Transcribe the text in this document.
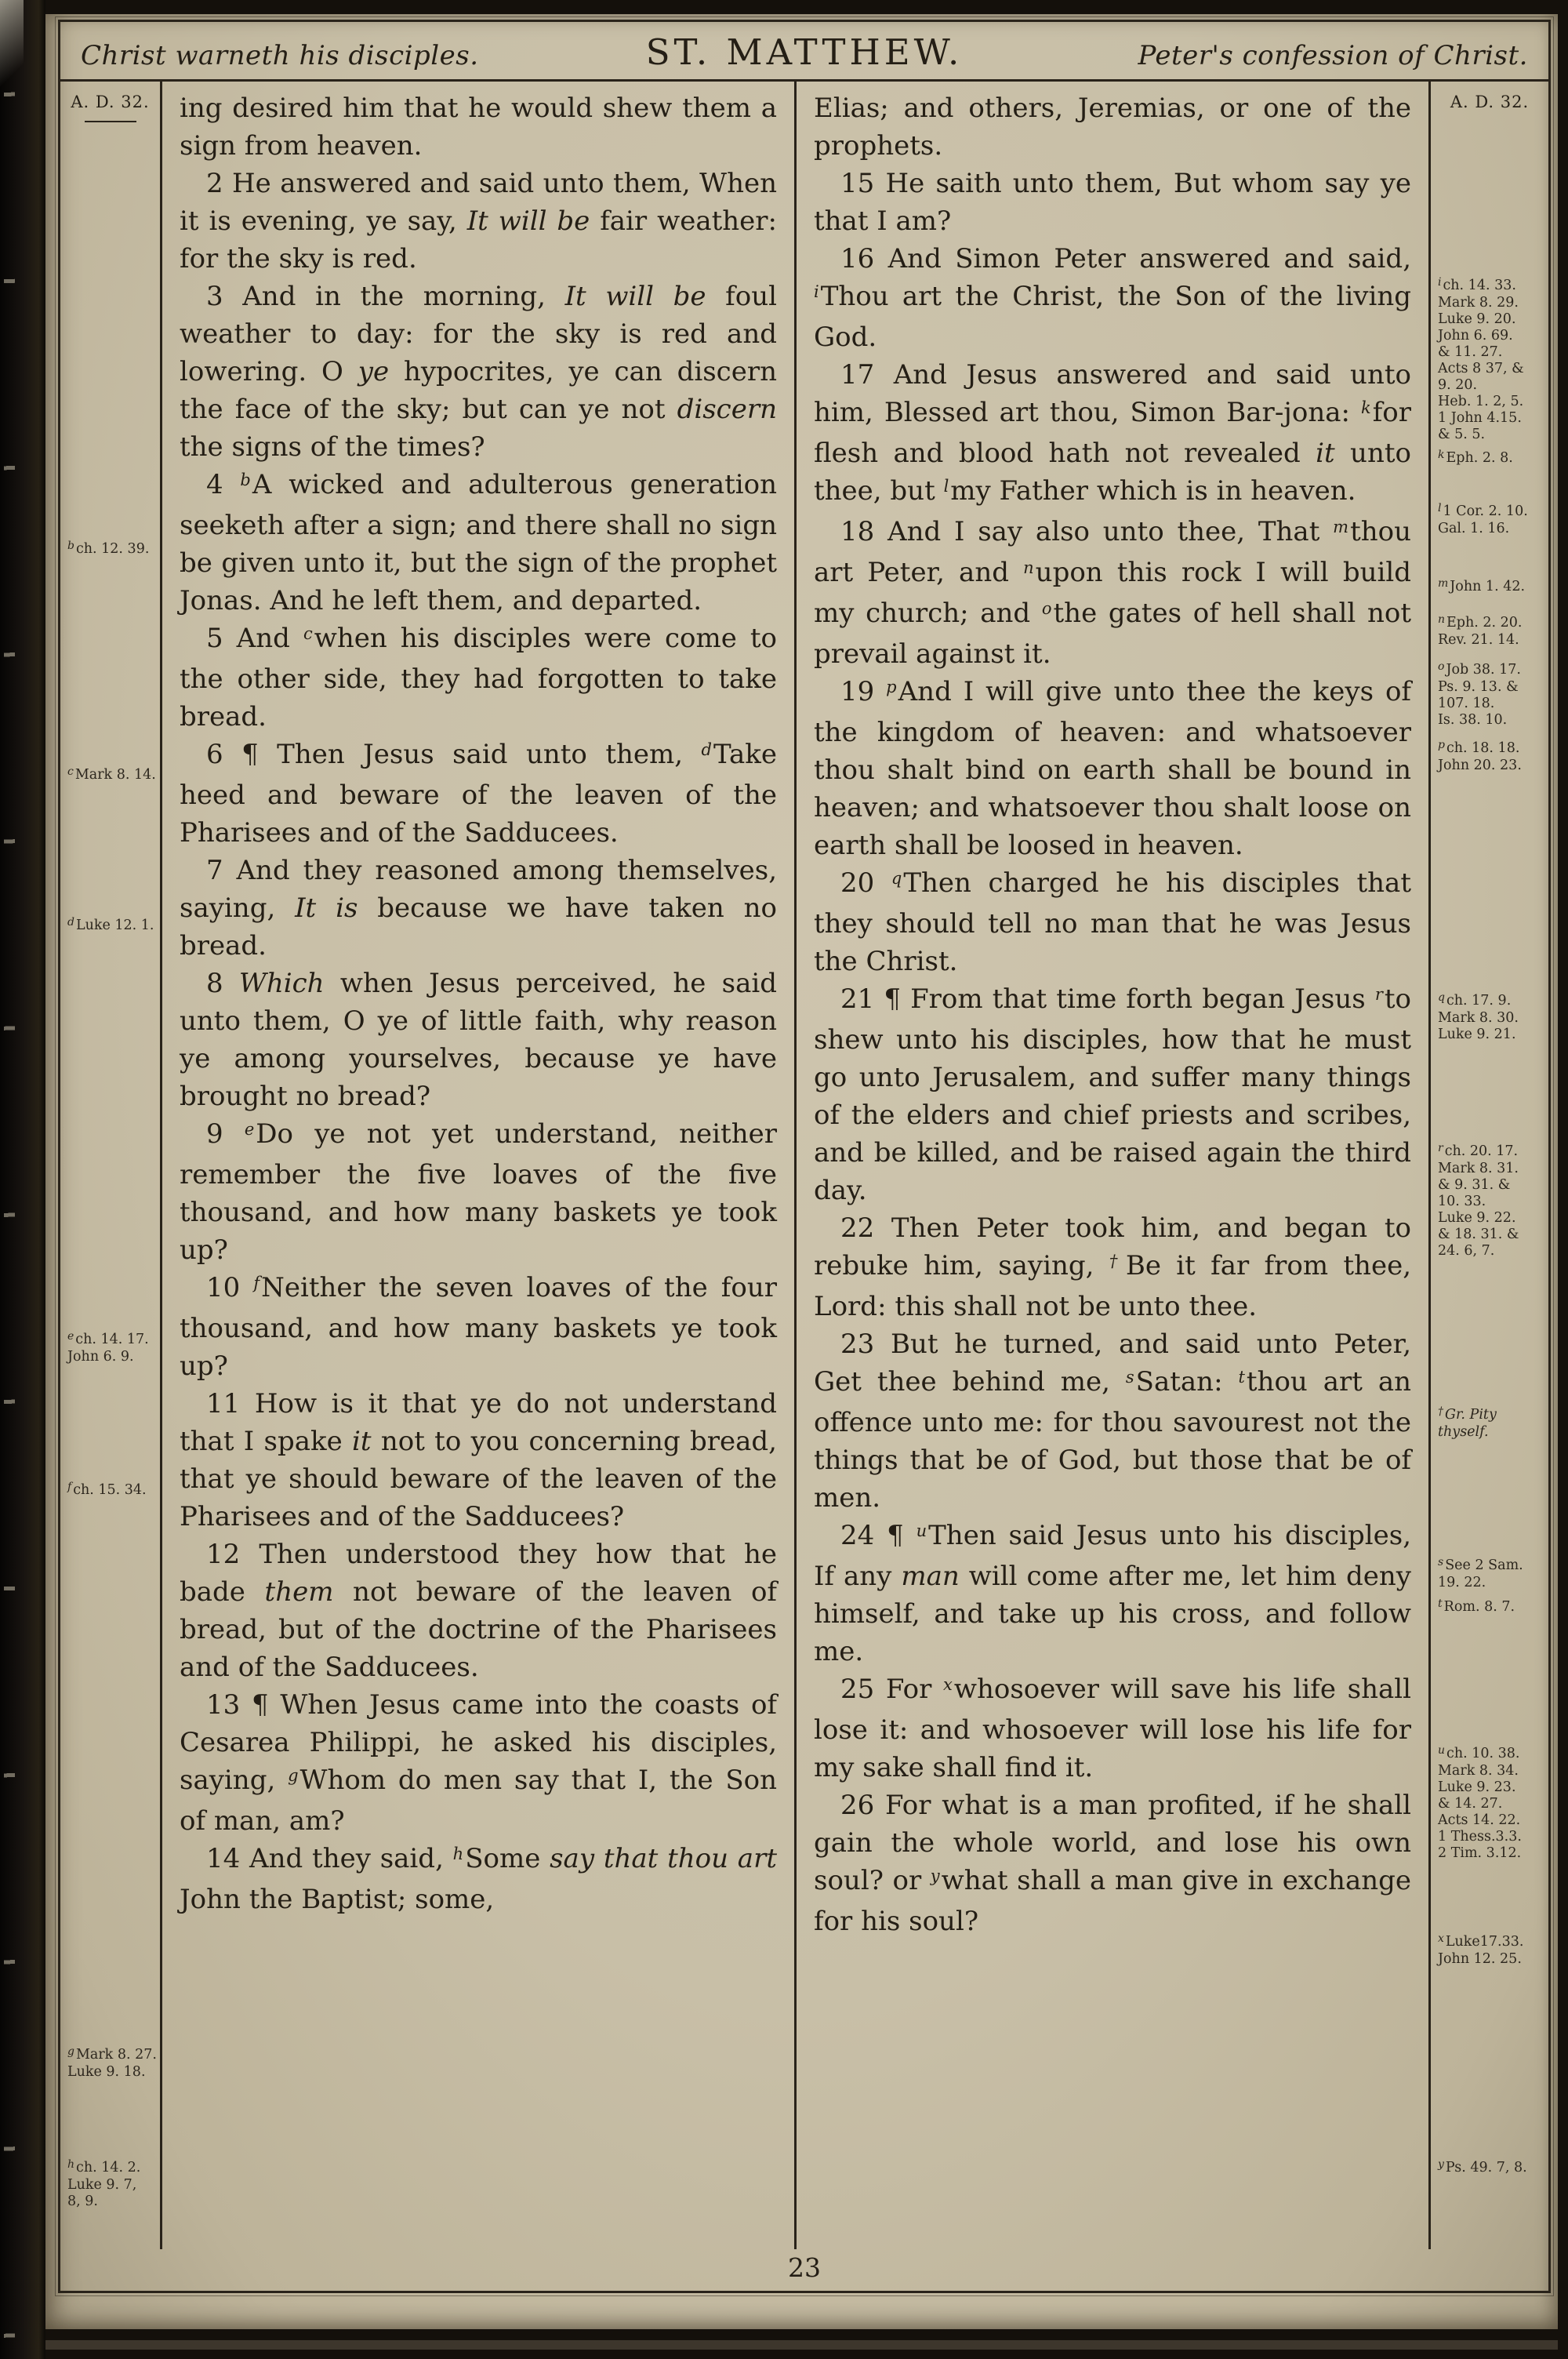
Christ warneth his disciples.	ST. MATTHEW.	Peter's confession of Christ.
A. D. 32.
$^b$ ch. 12. 39.
$^c$ Mark 8. 14.
$^d$ Luke 12. 1.
$^e$ ch. 14. 17.
John 6. 9.
$^f$ ch. 15. 34.
$^g$ Mark 8. 27.
Luke 9. 18.
$^h$ ch. 14. 2.
Luke 9. 7,
8, 9.

ing desired him that he would shew them a sign from heaven.

2 He answered and said unto them, When it is evening, ye say, It will be fair weather: for the sky is red.

3 And in the morning, It will be foul weather to day: for the sky is red and lowering. O ye hypocrites, ye can discern the face of the sky; but can ye not discern the signs of the times?

4 $^b$A wicked and adulterous generation seeketh after a sign; and there shall no sign be given unto it, but the sign of the prophet Jonas. And he left them, and departed.

5 And $^c$when his disciples were come to the other side, they had forgotten to take bread.

6 ¶ Then Jesus said unto them, $^d$Take heed and beware of the leaven of the Pharisees and of the Sadducees.

7 And they reasoned among themselves, saying, It is because we have taken no bread.

8 Which when Jesus perceived, he said unto them, O ye of little faith, why reason ye among yourselves, because ye have brought no bread?

9 $^e$Do ye not yet understand, neither remember the five loaves of the five thousand, and how many baskets ye took up?

10 $^f$Neither the seven loaves of the four thousand, and how many baskets ye took up?

11 How is it that ye do not understand that I spake it not to you concerning bread, that ye should beware of the leaven of the Pharisees and of the Sadducees?

12 Then understood they how that he bade them not beware of the leaven of bread, but of the doctrine of the Pharisees and of the Sadducees.

13 ¶ When Jesus came into the coasts of Cesarea Philippi, he asked his disciples, saying, $^g$Whom do men say that I, the Son of man, am?

14 And they said, $^h$Some say that thou art John the Baptist; some,

Elias; and others, Jeremias, or one of the prophets.

15 He saith unto them, But whom say ye that I am?

16 And Simon Peter answered and said, $^i$Thou art the Christ, the Son of the living God.

17 And Jesus answered and said unto him, Blessed art thou, Simon Bar-jona: $^k$for flesh and blood hath not revealed it unto thee, but $^l$my Father which is in heaven.

18 And I say also unto thee, That $^m$thou art Peter, and $^n$upon this rock I will build my church; and $^o$the gates of hell shall not prevail against it.

19 $^p$And I will give unto thee the keys of the kingdom of heaven: and whatsoever thou shalt bind on earth shall be bound in heaven; and whatsoever thou shalt loose on earth shall be loosed in heaven.

20 $^q$Then charged he his disciples that they should tell no man that he was Jesus the Christ.

21 ¶ From that time forth began Jesus $^r$to shew unto his disciples, how that he must go unto Jerusalem, and suffer many things of the elders and chief priests and scribes, and be killed, and be raised again the third day.

22 Then Peter took him, and began to rebuke him, saying, †Be it far from thee, Lord: this shall not be unto thee.

23 But he turned, and said unto Peter, Get thee behind me, $^s$Satan: $^t$thou art an offence unto me: for thou savourest not the things that be of God, but those that be of men.

24 ¶ $^u$Then said Jesus unto his disciples, If any man will come after me, let him deny himself, and take up his cross, and follow me.

25 For $^x$whosoever will save his life shall lose it: and whosoever will lose his life for my sake shall find it.

26 For what is a man profited, if he shall gain the whole world, and lose his own soul? or $^y$what shall a man give in exchange for his soul?

A. D. 32.
$^i$ ch. 14. 33.
Mark 8. 29.
Luke 9. 20.
John 6. 69.
& 11. 27.
Acts 8 37, &
9. 20.
Heb. 1. 2, 5.
1 John 4.15.
& 5. 5.
$^k$ Eph. 2. 8.
$^l$ 1 Cor. 2. 10.
Gal. 1. 16.
$^m$ John 1. 42.
$^n$ Eph. 2. 20.
Rev. 21. 14.
$^o$ Job 38. 17.
Ps. 9. 13. &
107. 18.
Is. 38. 10.
$^p$ ch. 18. 18.
John 20. 23.
$^q$ ch. 17. 9.
Mark 8. 30.
Luke 9. 21.
$^r$ ch. 20. 17.
Mark 8. 31.
& 9. 31. &
10. 33.
Luke 9. 22.
& 18. 31. &
24. 6, 7.
† Gr. Pity
thyself.
$^s$ See 2 Sam.
19. 22.
$^t$ Rom. 8. 7.
$^u$ ch. 10. 38.
Mark 8. 34.
Luke 9. 23.
& 14. 27.
Acts 14. 22.
1 Thess.3.3.
2 Tim. 3.12.
$^x$ Luke17.33.
John 12. 25.
$^y$ Ps. 49. 7, 8.
23
